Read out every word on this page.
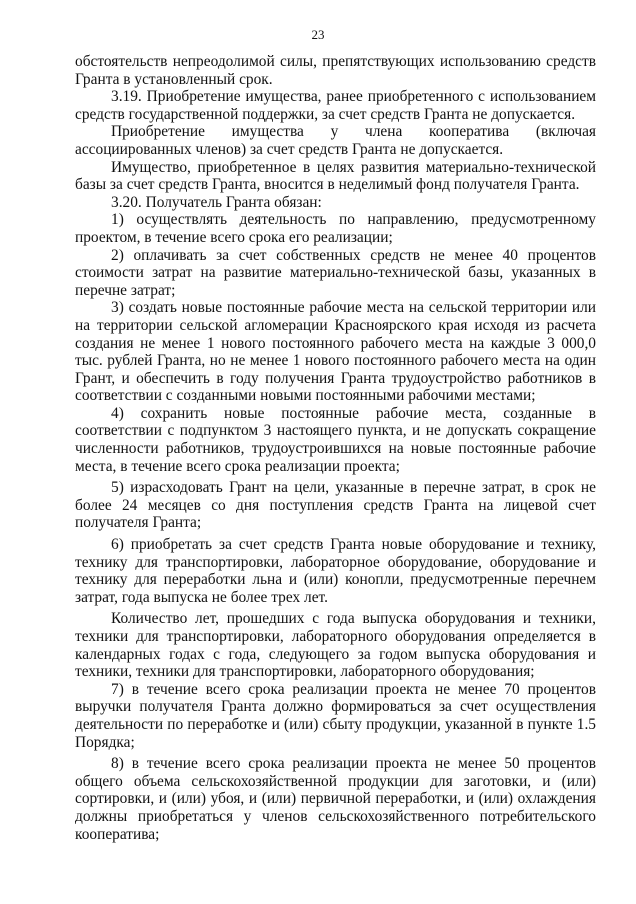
23

обстоятельств непреодолимой силы, препятствующих использованию средств Гранта в установленный срок.

3.19. Приобретение имущества, ранее приобретенного с использованием средств государственной поддержки, за счет средств Гранта не допускается.

Приобретение имущества у члена кооператива (включая ассоциированных членов) за счет средств Гранта не допускается.

Имущество, приобретенное в целях развития материально-технической базы за счет средств Гранта, вносится в неделимый фонд получателя Гранта.

3.20. Получатель Гранта обязан:

1) осуществлять деятельность по направлению, предусмотренному проектом, в течение всего срока его реализации;

2) оплачивать за счет собственных средств не менее 40 процентов стоимости затрат на развитие материально-технической базы, указанных в перечне затрат;

3) создать новые постоянные рабочие места на сельской территории или на территории сельской агломерации Красноярского края исходя из расчета создания не менее 1 нового постоянного рабочего места на каждые 3 000,0 тыс. рублей Гранта, но не менее 1 нового постоянного рабочего места на один Грант, и обеспечить в году получения Гранта трудоустройство работников в соответствии с созданными новыми постоянными рабочими местами;

4) сохранить новые постоянные рабочие места, созданные в соответствии с подпунктом 3 настоящего пункта, и не допускать сокращение численности работников, трудоустроившихся на новые постоянные рабочие места, в течение всего срока реализации проекта;

5) израсходовать Грант на цели, указанные в перечне затрат, в срок не более 24 месяцев со дня поступления средств Гранта на лицевой счет получателя Гранта;

6) приобретать за счет средств Гранта новые оборудование и технику, технику для транспортировки, лабораторное оборудование, оборудование и технику для переработки льна и (или) конопли, предусмотренные перечнем затрат, года выпуска не более трех лет.

Количество лет, прошедших с года выпуска оборудования и техники, техники для транспортировки, лабораторного оборудования определяется в календарных годах с года, следующего за годом выпуска оборудования и техники, техники для транспортировки, лабораторного оборудования;

7) в течение всего срока реализации проекта не менее 70 процентов выручки получателя Гранта должно формироваться за счет осуществления деятельности по переработке и (или) сбыту продукции, указанной в пункте 1.5 Порядка;

8) в течение всего срока реализации проекта не менее 50 процентов общего объема сельскохозяйственной продукции для заготовки, и (или) сортировки, и (или) убоя, и (или) первичной переработки, и (или) охлаждения должны приобретаться у членов сельскохозяйственного потребительского кооператива;
